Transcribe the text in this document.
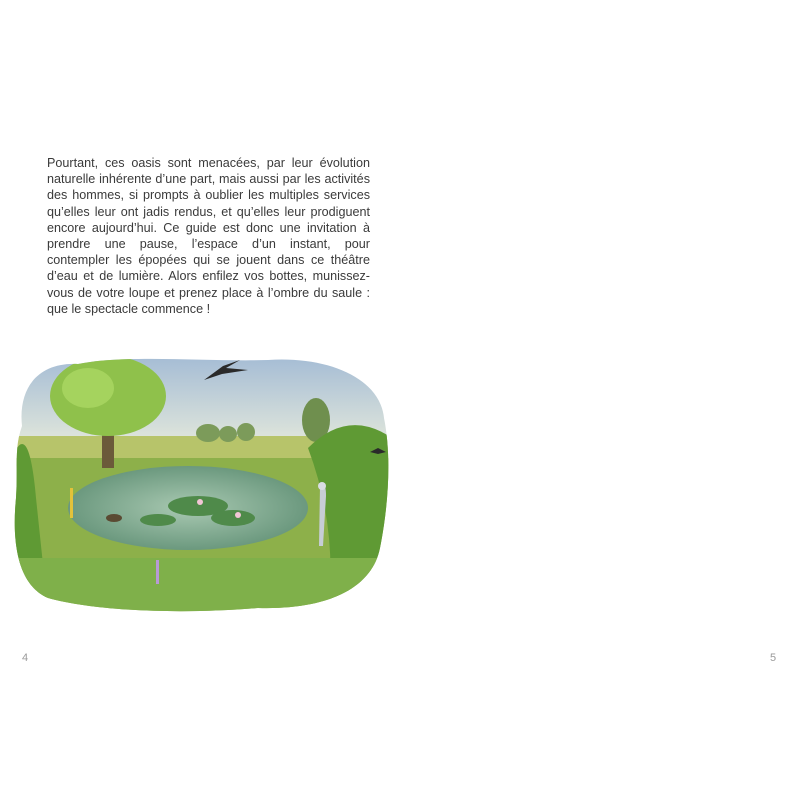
Pourtant, ces oasis sont menacées, par leur évolution naturelle inhérente d’une part, mais aussi par les activités des hommes, si prompts à oublier les multiples services qu’elles leur ont jadis rendus, et qu’elles leur prodiguent encore aujourd’hui. Ce guide est donc une invitation à prendre une pause, l’espace d’un instant, pour contempler les épopées qui se jouent dans ce théâtre d’eau et de lumière. Alors enfilez vos bottes, munissez-vous de votre loupe et prenez place à l’ombre du saule : que le spectacle commence !
4	5
